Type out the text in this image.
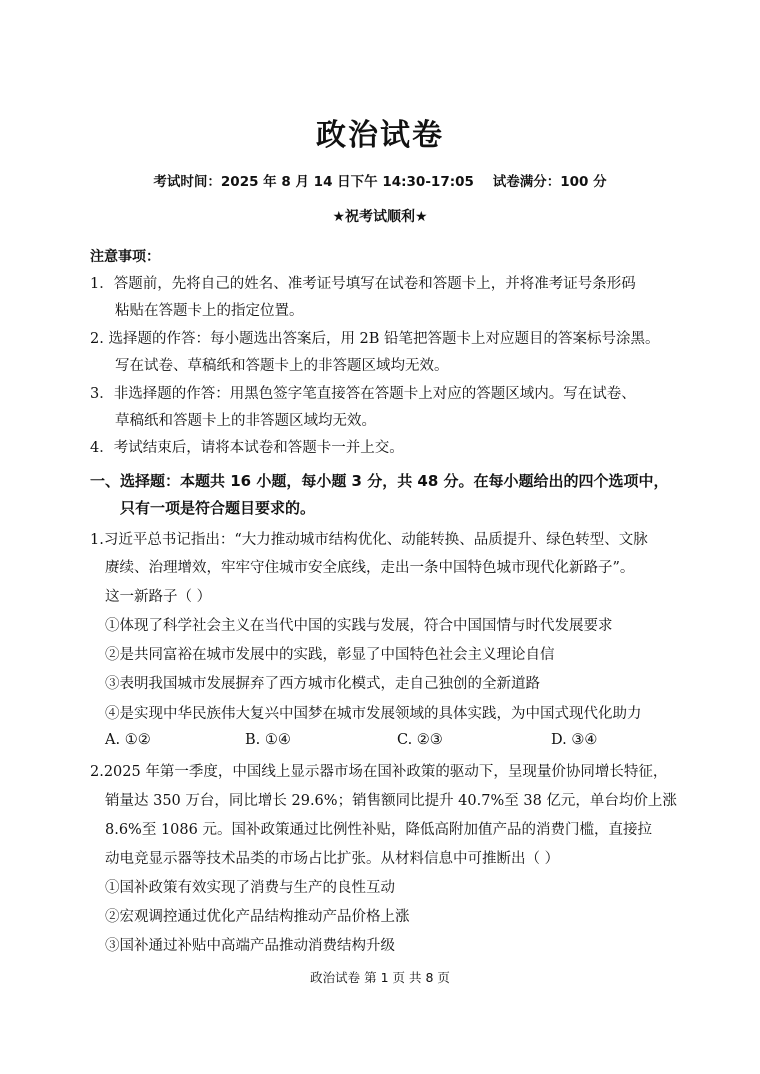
政治试卷
考试时间：2025 年 8 月 14 日下午 14:30-17:05    试卷满分：100 分
★祝考试顺利★
注意事项：
1．答题前，先将自己的姓名、准考证号填写在试卷和答题卡上，并将准考证号条形码
粘贴在答题卡上的指定位置。
2. 选择题的作答：每小题选出答案后，用 2B 铅笔把答题卡上对应题目的答案标号涂黑。
写在试卷、草稿纸和答题卡上的非答题区域均无效。
3．非选择题的作答：用黑色签字笔直接答在答题卡上对应的答题区域内。写在试卷、
草稿纸和答题卡上的非答题区域均无效。
4．考试结束后，请将本试卷和答题卡一并上交。
一、选择题：本题共 16 小题，每小题 3 分，共 48 分。在每小题给出的四个选项中，
只有一项是符合题目要求的。
1.习近平总书记指出：“大力推动城市结构优化、动能转换、品质提升、绿色转型、文脉
赓续、治理增效，牢牢守住城市安全底线，走出一条中国特色城市现代化新路子”。
这一新路子（ ）
①体现了科学社会主义在当代中国的实践与发展，符合中国国情与时代发展要求
②是共同富裕在城市发展中的实践，彰显了中国特色社会主义理论自信
③表明我国城市发展摒弃了西方城市化模式，走自己独创的全新道路
④是实现中华民族伟大复兴中国梦在城市发展领域的具体实践，为中国式现代化助力
A. ①②	B. ①④	C. ②③	D. ③④
2.2025 年第一季度，中国线上显示器市场在国补政策的驱动下，呈现量价协同增长特征，
销量达 350 万台，同比增长 29.6%；销售额同比提升 40.7%至 38 亿元，单台均价上涨
8.6%至 1086 元。国补政策通过比例性补贴，降低高附加值产品的消费门槛，直接拉
动电竞显示器等技术品类的市场占比扩张。从材料信息中可推断出（ ）
①国补政策有效实现了消费与生产的良性互动
②宏观调控通过优化产品结构推动产品价格上涨
③国补通过补贴中高端产品推动消费结构升级
政治试卷 第 1 页 共 8 页
